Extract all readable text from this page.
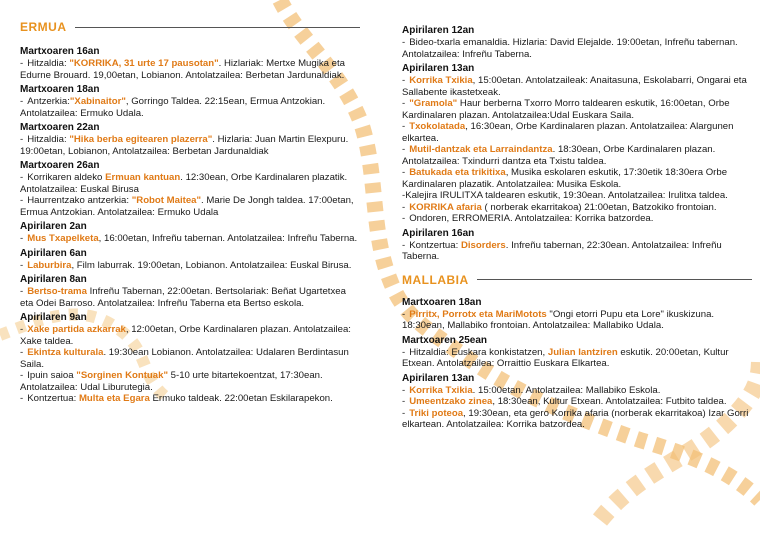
ERMUA
Martxoaren 16an
- Hitzaldia: "KORRIKA, 31 urte 17 pausotan". Hizlariak: Mertxe Mugika eta Edurne Brouard. 19,00etan, Lobianon. Antolatzailea: Berbetan Jardunaldiak.
Martxoaren 18an
- Antzerkia:"Xabinaitor", Gorringo Taldea. 22:15ean, Ermua Antzokian. Antolatzailea: Ermuko Udala.
Martxoaren 22an
- Hitzaldia: "Hika berba egitearen plazerra". Hizlaria: Juan Martin Elexpuru. 19:00etan, Lobianon, Antolatzailea: Berbetan Jardunaldiak
Martxoaren 26an
- Korrikaren aldeko Ermuan kantuan. 12:30ean, Orbe Kardinalaren plazatik. Antolatzailea: Euskal Birusa
- Haurrentzako antzerkia: "Robot Maitea". Marie De Jongh taldea. 17:00etan, Ermua Antzokian. Antolatzailea: Ermuko Udala
Apirilaren 2an
- Mus Txapelketa, 16:00etan, Infreñu tabernan. Antolatzailea: Infreñu Taberna.
Apirilaren 6an
- Laburbira, Film laburrak. 19:00etan, Lobianon. Antolatzailea: Euskal Birusa.
Apirilaren 8an
- Bertso-trama Infreñu Tabernan, 22:00etan. Bertsolariak: Beñat Ugartetxea eta Odei Barroso. Antolatzailea: Infreñu Taberna eta Bertso eskola.
Apirilaren 9an
- Xake partida azkarrak, 12:00etan, Orbe Kardinalaren plazan. Antolatzailea: Xake taldea.
- Ekintza kulturala. 19:30ean Lobianon. Antolatzailea: Udalaren Berdintasun Saila.
- Ipuin saioa "Sorginen Kontuak" 5-10 urte bitartekoentzat, 17:30ean. Antolatzailea: Udal Liburutegia.
- Kontzertua: Multa eta Egara Ermuko taldeak. 22:00etan Eskilarapekon.
Apirilaren 12an
- Bideo-txarla emanaldia. Hizlaria: David Elejalde. 19:00etan, Infreñu tabernan. Antolatzailea: Infreñu Taberna.
Apirilaren 13an
- Korrika Txikia, 15:00etan. Antolatzaileak: Anaitasuna, Eskolabarri, Ongarai eta Sallabente ikastetxeak.
- "Gramola" Haur berberna Txorro Morro taldearen eskutik, 16:00etan, Orbe Kardinalaren plazan. Antolatzailea:Udal Euskara Saila.
- Txokolatada, 16:30ean, Orbe Kardinalaren plazan. Antolatzailea: Alargunen elkartea.
- Mutil-dantzak eta Larraindantza. 18:30ean, Orbe Kardinalaren plazan. Antolatzailea: Txindurri dantza eta Txistu taldea.
- Batukada eta trikitixa, Musika eskolaren eskutik, 17:30etik 18:30era Orbe Kardinalaren plazatik. Antolatzailea: Musika Eskola.
-Kalejira IRULITXA taldearen eskutik, 19:30ean. Antolatzailea: Irulitxa taldea.
- KORRIKA afaria ( norberak ekarritakoa) 21:00etan, Batzokiko frontoian.
- Ondoren, ERROMERIA. Antolatzailea: Korrika batzordea.
Apirilaren 16an
- Kontzertua: Disorders. Infreñu tabernan, 22:30ean. Antolatzailea: Infreñu Taberna.
MALLABIA
Martxoaren 18an
- Pirritx, Porrotx eta MariMotots "Ongi etorri Pupu eta Lore" ikuskizuna. 18:30ean, Mallabiko frontoian. Antolatzailea: Mallabiko Udala.
Martxoaren 25ean
- Hitzaldia: Euskara konkistatzen, Julian Iantziren eskutik. 20:00etan, Kultur Etxean. Antolatzailea: Orraittio Euskara Elkartea.
Apirilaren 13an
- Korrika Txikia. 15:00etan. Antolatzailea: Mallabiko Eskola.
- Umeentzako zinea, 18:30ean, Kultur Etxean. Antolatzailea: Futbito taldea.
- Triki poteoa, 19:30ean, eta gero Korrika afaria (norberak ekarritakoa) Izar Gorri elkartean. Antolatzailea: Korrika batzordea.
